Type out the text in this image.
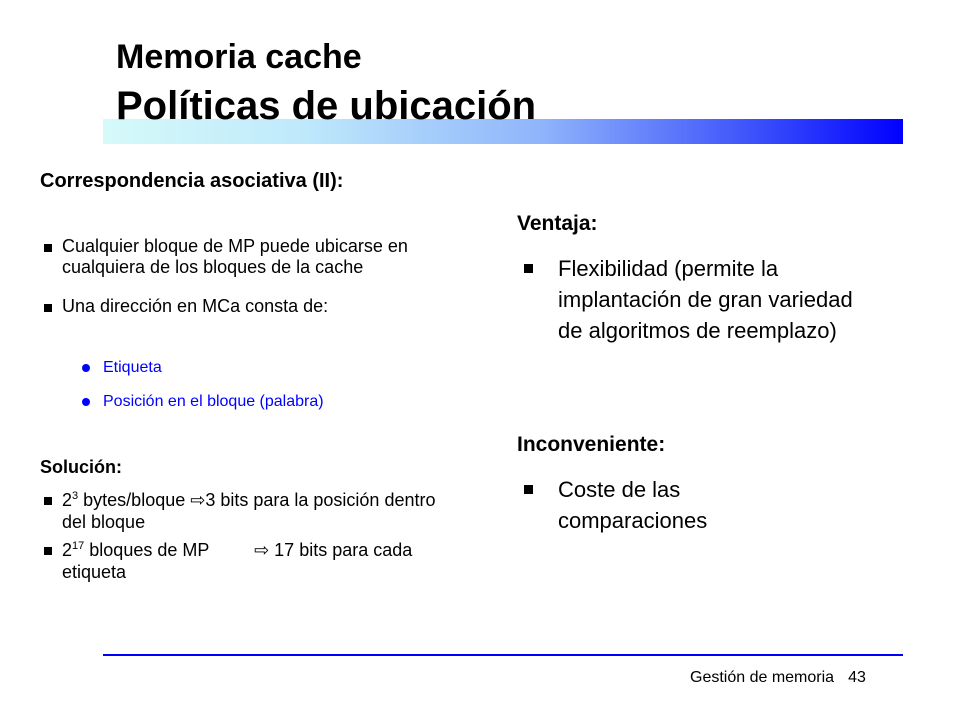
Memoria cache
Políticas de ubicación

Correspondencia asociativa (II):

Cualquier bloque de MP puede ubicarse en cualquiera de los bloques de la cache
Una dirección en MCa consta de:
Etiqueta
Posición en el bloque (palabra)

Solución:

$2^3$ bytes/bloque ⇨3 bits para la posición dentro del bloque
$2^{17}$ bloques de MP	⇨ 17 bits para cada etiqueta

Ventaja:

Flexibilidad (permite la implantación de gran variedad de algoritmos de reemplazo)

Inconveniente:

Coste de las comparaciones
Gestión de memoria 43
